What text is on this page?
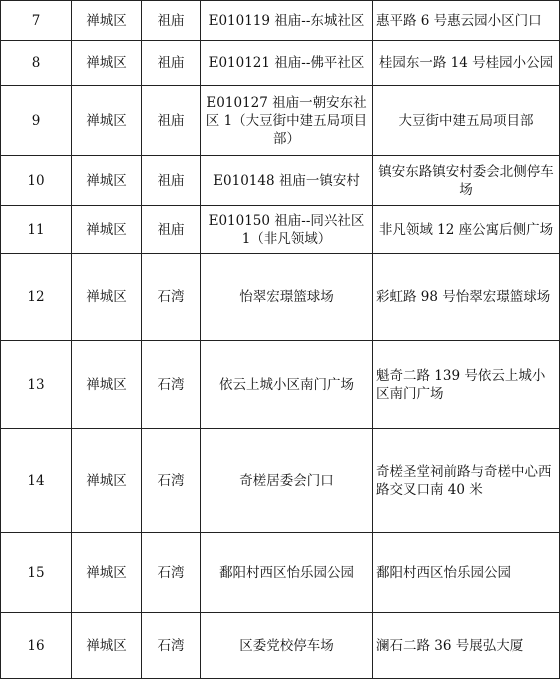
7	禅城区	祖庙	E010119 祖庙--东城社区	惠平路 6 号惠云园小区门口
8	禅城区	祖庙	E010121 祖庙--佛平社区	桂园东一路 14 号桂园小公园
9	禅城区	祖庙	E010127 祖庙一朝安东社区 1（大豆街中建五局项目部）	大豆街中建五局项目部
10	禅城区	祖庙	E010148 祖庙一镇安村	镇安东路镇安村委会北侧停车场
11	禅城区	祖庙	E010150 祖庙--同兴社区 1（非凡领域）	非凡领域 12 座公寓后侧广场
12	禅城区	石湾	怡翠宏璟篮球场	彩虹路 98 号怡翠宏璟篮球场
13	禅城区	石湾	依云上城小区南门广场	魁奇二路 139 号依云上城小区南门广场
14	禅城区	石湾	奇槎居委会门口	奇槎圣堂祠前路与奇槎中心西路交叉口南 40 米
15	禅城区	石湾	鄱阳村西区怡乐园公园	鄱阳村西区怡乐园公园
16	禅城区	石湾	区委党校停车场	澜石二路 36 号展弘大厦
